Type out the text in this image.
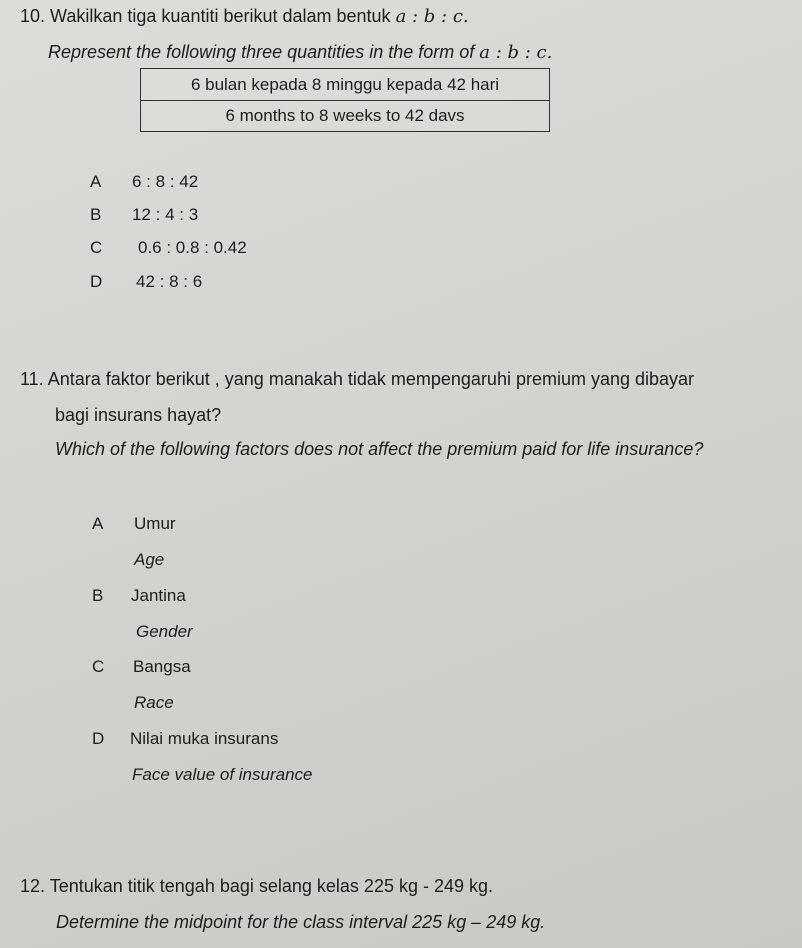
10. Wakilkan tiga kuantiti berikut dalam bentuk a : b : c.

Represent the following three quantities in the form of a : b : c.

6 bulan kepada 8 minggu kepada 42 hari
6 months to 8 weeks to 42 davs
A 6 : 8 : 42
B 12 : 4 : 3
C 0.6 : 0.8 : 0.42
D 42 : 8 : 6

11. Antara faktor berikut , yang manakah tidak mempengaruhi premium yang dibayar

bagi insurans hayat?

Which of the following factors does not affect the premium paid for life insurance?

A Umur
Age
B Jantina
Gender
C Bangsa
Race
D Nilai muka insurans
Face value of insurance

12. Tentukan titik tengah bagi selang kelas 225 kg - 249 kg.

Determine the midpoint for the class interval 225 kg – 249 kg.
